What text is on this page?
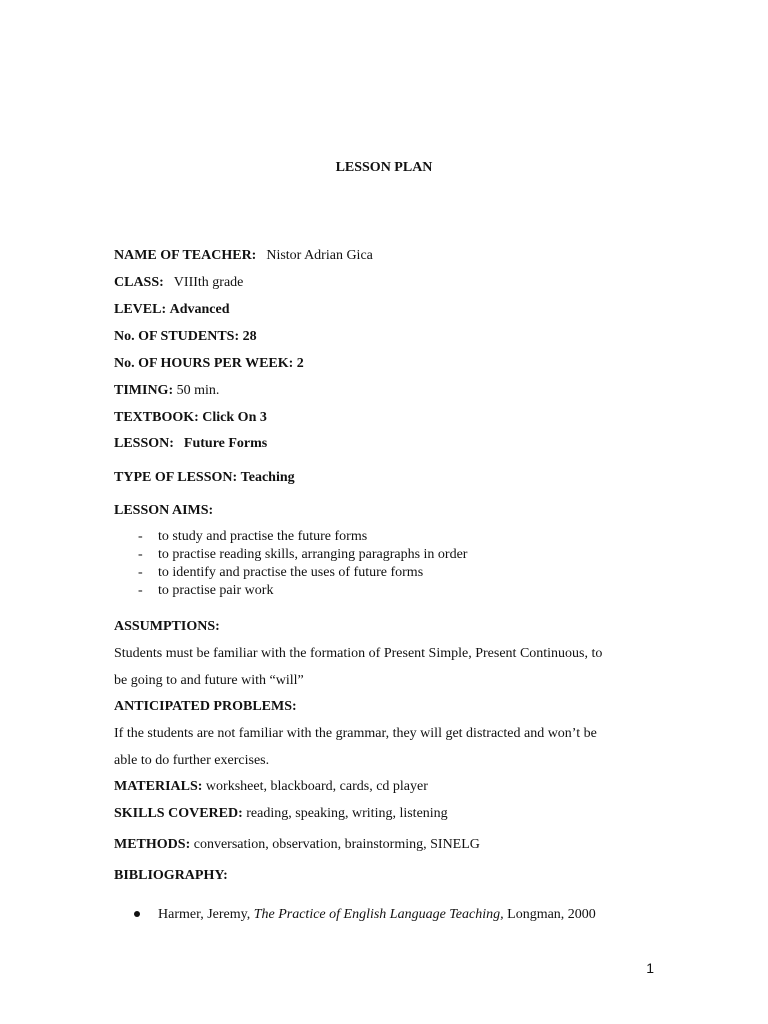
LESSON PLAN
NAME OF TEACHER: Nistor Adrian Gica
CLASS: VIIIth grade
LEVEL: Advanced
No. OF STUDENTS: 28
No. OF HOURS PER WEEK: 2
TIMING: 50 min.
TEXTBOOK: Click On 3
LESSON: Future Forms
TYPE OF LESSON: Teaching
LESSON AIMS:
- to study and practise the future forms
- to practise reading skills, arranging paragraphs in order
- to identify and practise the uses of future forms
- to practise pair work
ASSUMPTIONS:
Students must be familiar with the formation of Present Simple, Present Continuous, to
be going to and future with “will”
ANTICIPATED PROBLEMS:
If the students are not familiar with the grammar, they will get distracted and won’t be
able to do further exercises.
MATERIALS: worksheet, blackboard, cards, cd player
SKILLS COVERED: reading, speaking, writing, listening
METHODS: conversation, observation, brainstorming, SINELG
BIBLIOGRAPHY:
Harmer, Jeremy, The Practice of English Language Teaching, Longman, 2000
1
